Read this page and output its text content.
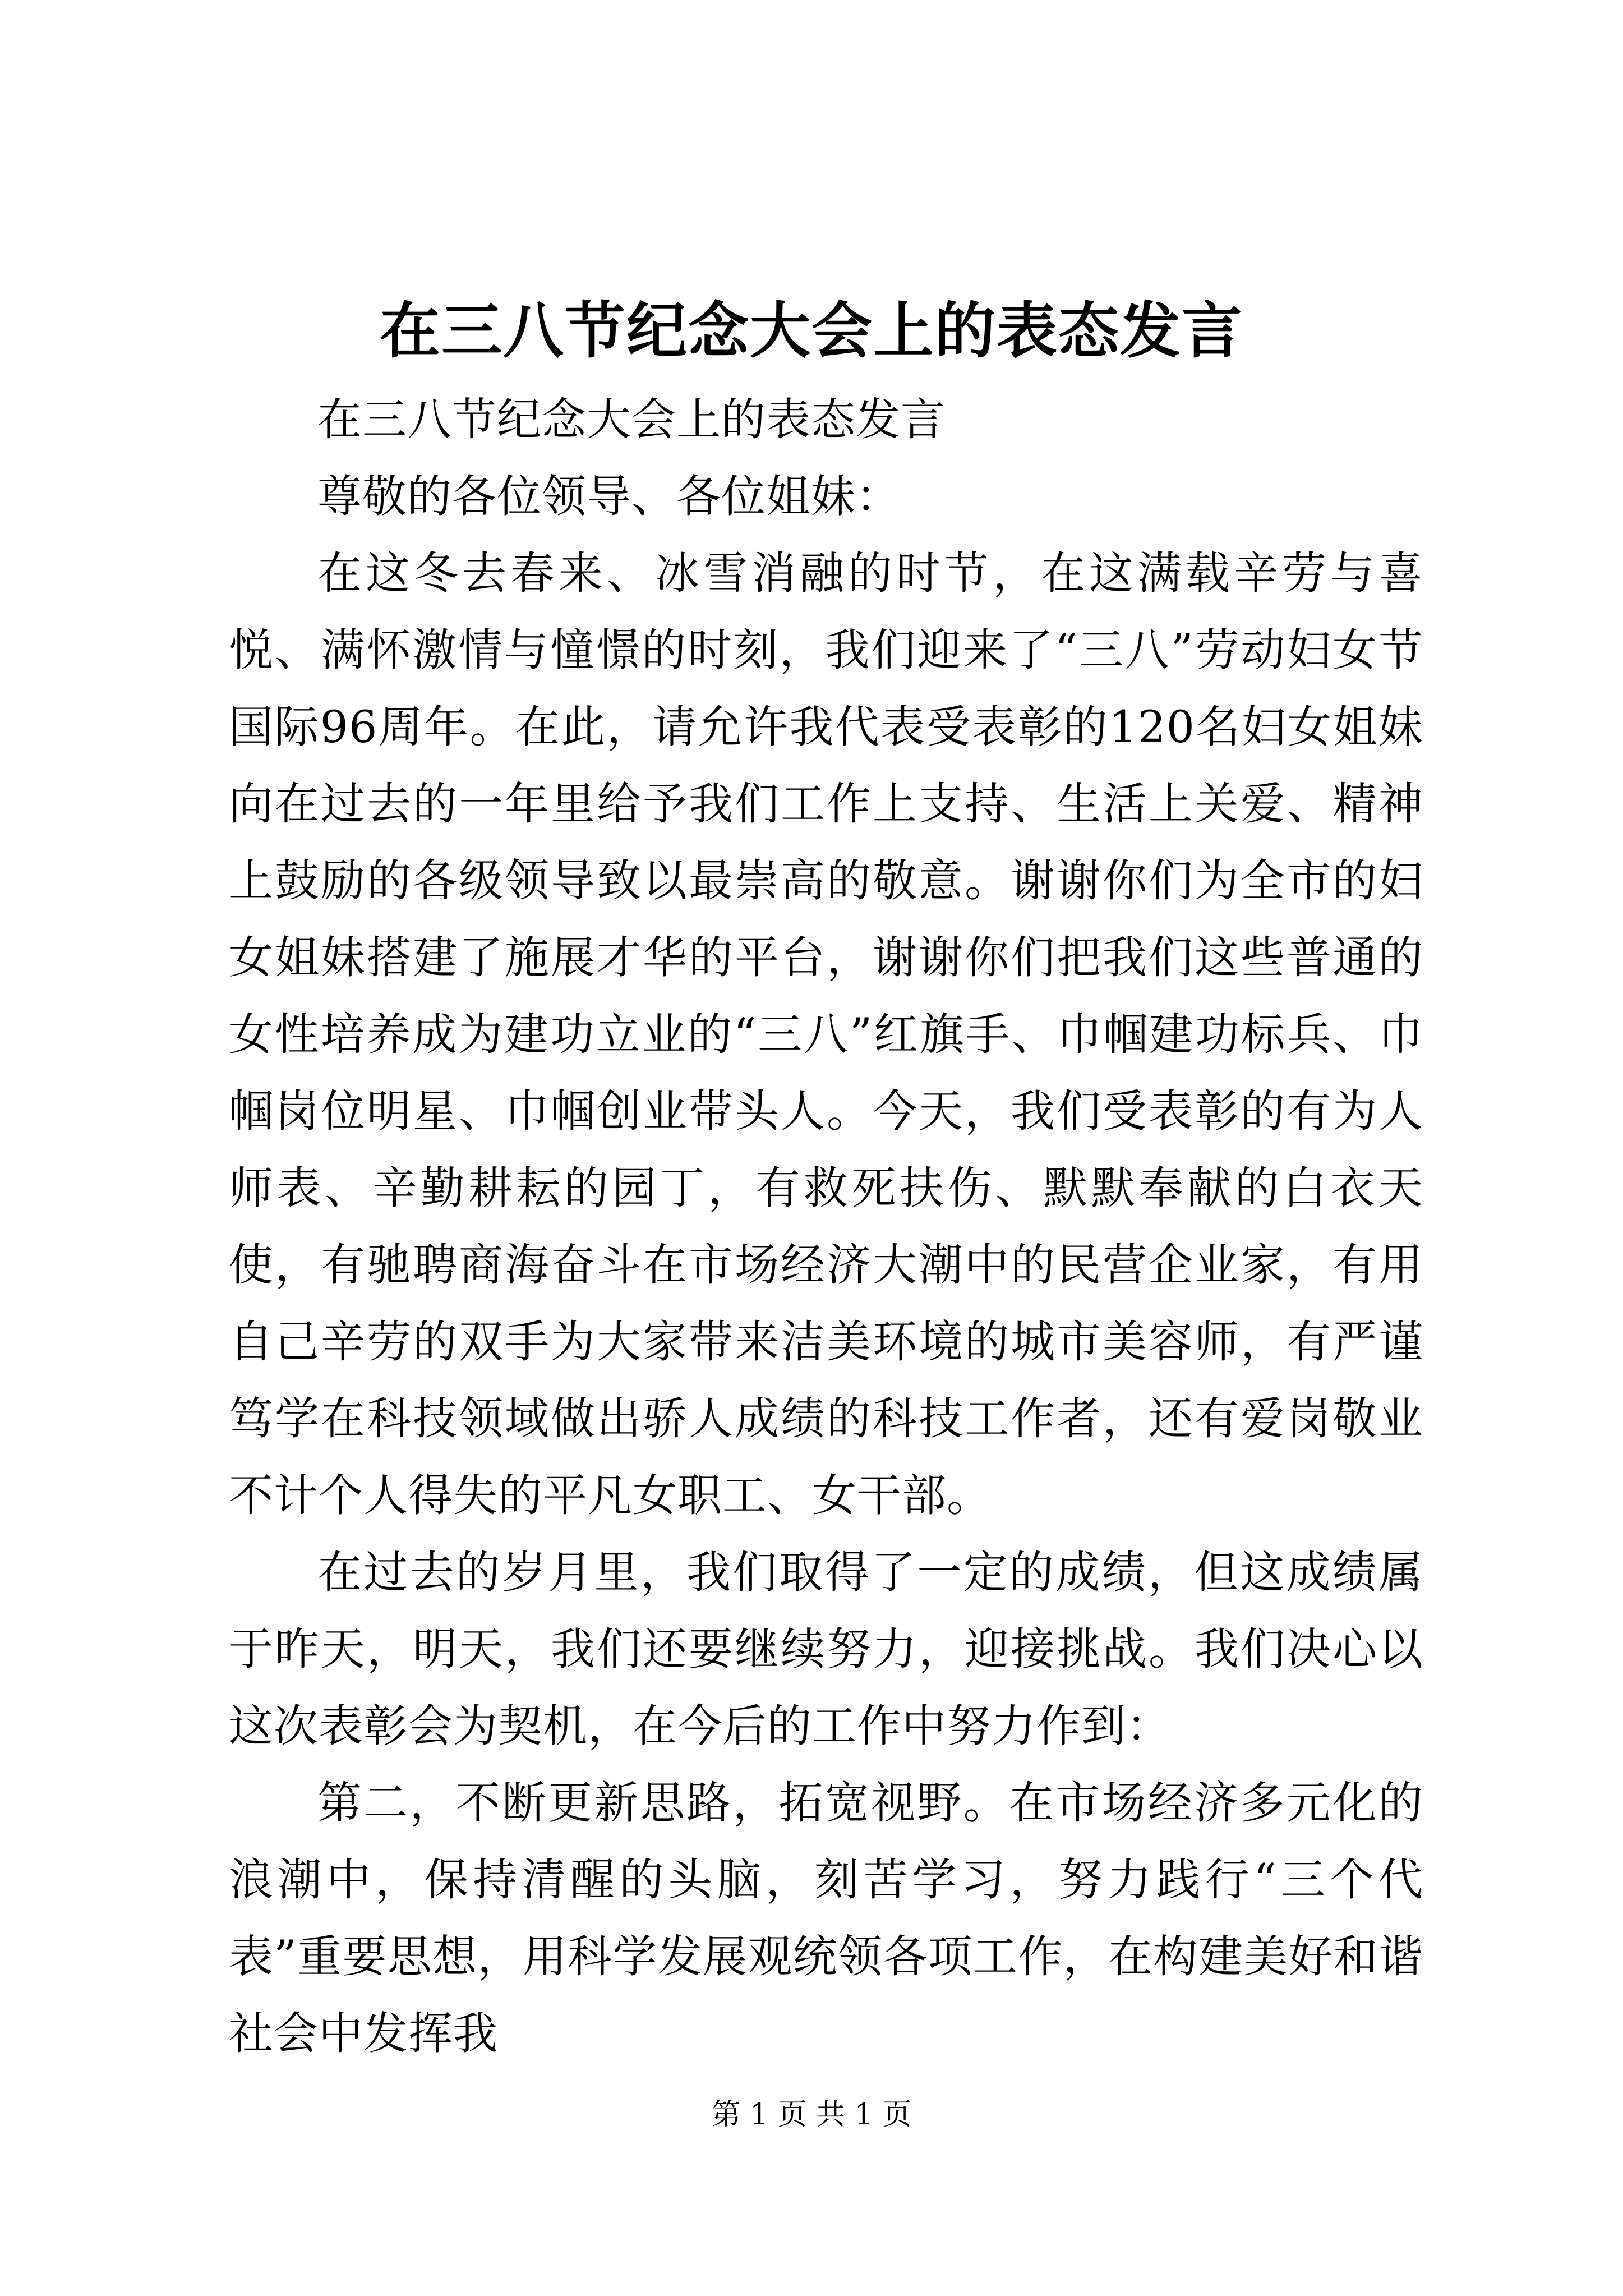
在三八节纪念大会上的表态发言

在三八节纪念大会上的表态发言

尊敬的各位领导、各位姐妹：

在这冬去春来、冰雪消融的时节，在这满载辛劳与喜悦、满怀激情与憧憬的时刻，我们迎来了“三八”劳动妇女节国际96周年。在此，请允许我代表受表彰的120名妇女姐妹向在过去的一年里给予我们工作上支持、生活上关爱、精神上鼓励的各级领导致以最崇高的敬意。谢谢你们为全市的妇女姐妹搭建了施展才华的平台，谢谢你们把我们这些普通的女性培养成为建功立业的“三八”红旗手、巾帼建功标兵、巾帼岗位明星、巾帼创业带头人。今天，我们受表彰的有为人师表、辛勤耕耘的园丁，有救死扶伤、默默奉献的白衣天使，有驰聘商海奋斗在市场经济大潮中的民营企业家，有用自己辛劳的双手为大家带来洁美环境的城市美容师，有严谨笃学在科技领域做出骄人成绩的科技工作者，还有爱岗敬业不计个人得失的平凡女职工、女干部。

在过去的岁月里，我们取得了一定的成绩，但这成绩属于昨天，明天，我们还要继续努力，迎接挑战。我们决心以这次表彰会为契机，在今后的工作中努力作到：

第二，不断更新思路，拓宽视野。在市场经济多元化的浪潮中，保持清醒的头脑，刻苦学习，努力践行“三个代表”重要思想，用科学发展观统领各项工作，在构建美好和谐社会中发挥我

第 1 页 共 1 页
